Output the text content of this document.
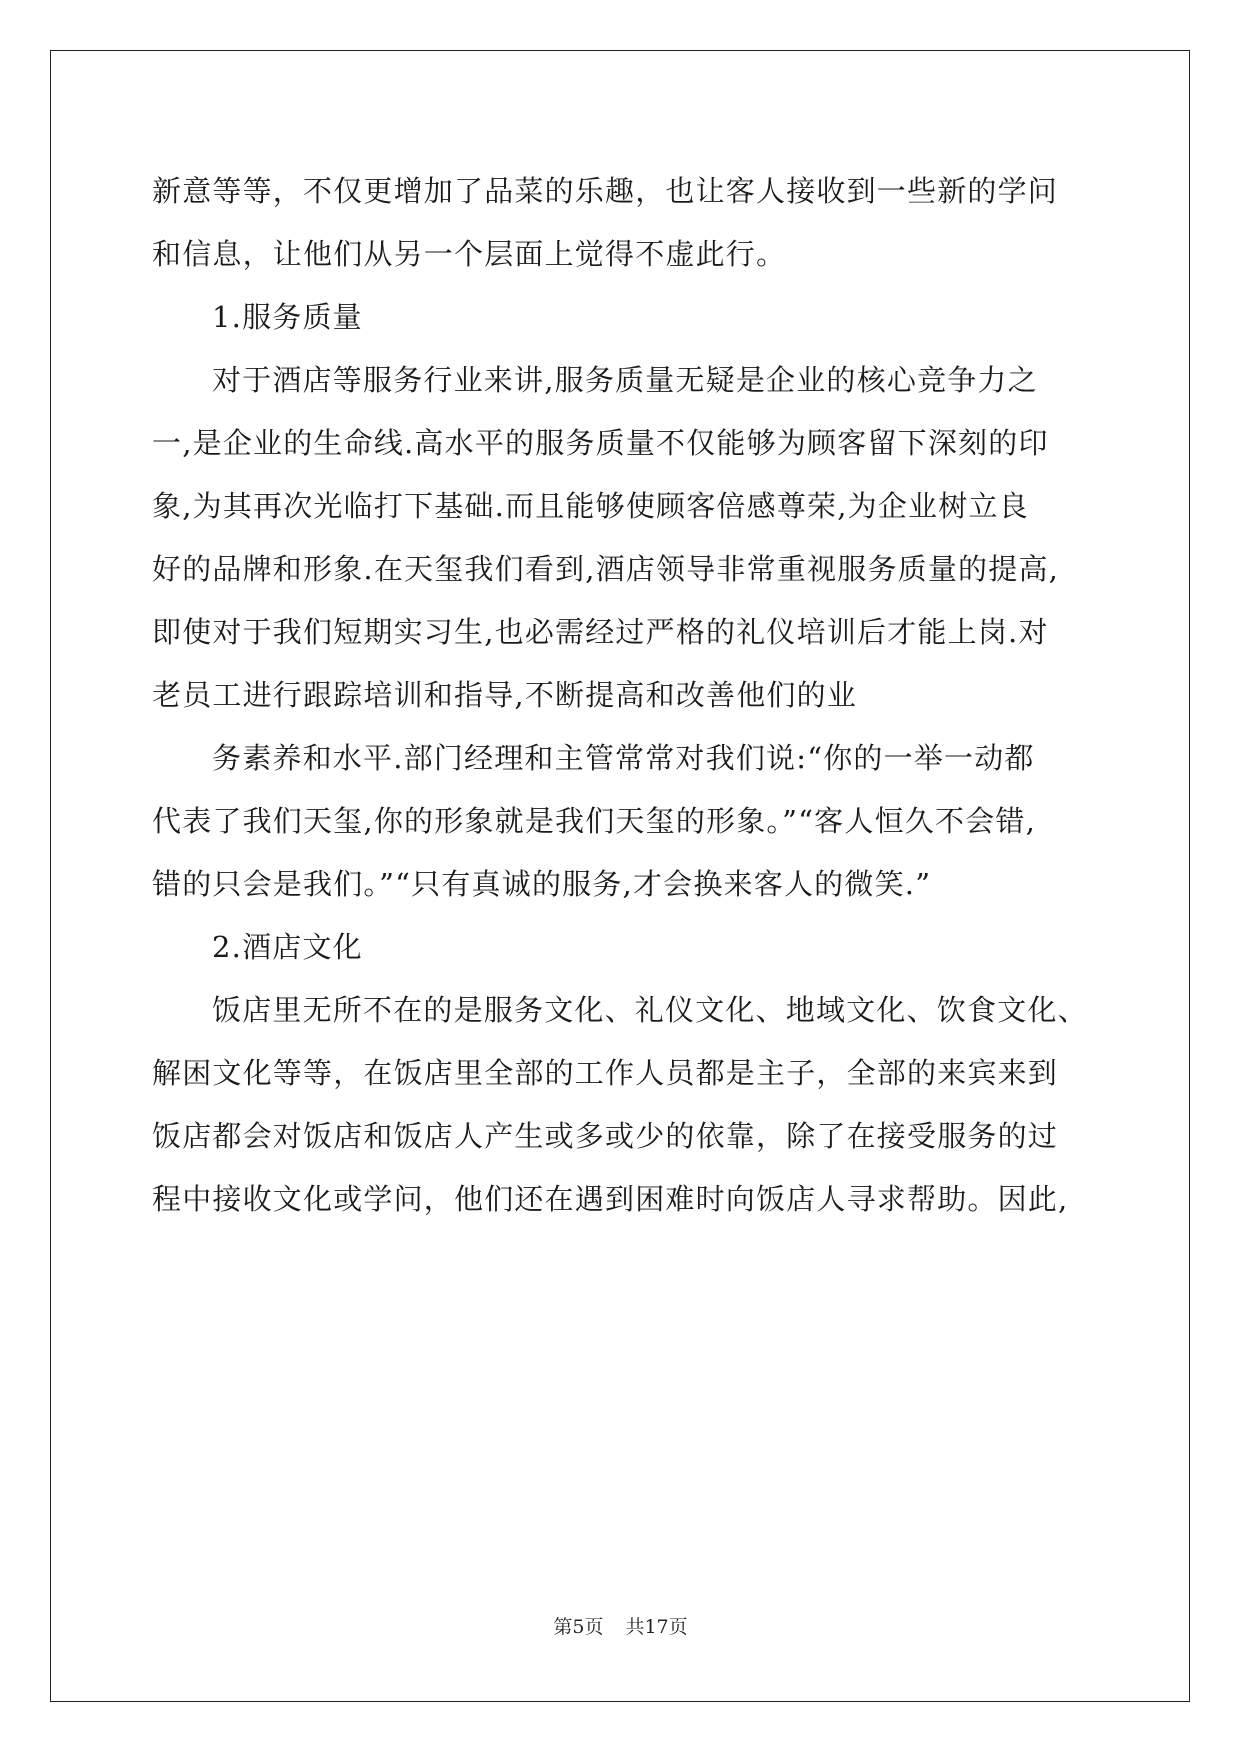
新意等等，不仅更增加了品菜的乐趣，也让客人接收到一些新的学问
和信息，让他们从另一个层面上觉得不虚此行。
1.服务质量
对于酒店等服务行业来讲,服务质量无疑是企业的核心竞争力之
一,是企业的生命线.高水平的服务质量不仅能够为顾客留下深刻的印
象,为其再次光临打下基础.而且能够使顾客倍感尊荣,为企业树立良
好的品牌和形象.在天玺我们看到,酒店领导非常重视服务质量的提高,
即使对于我们短期实习生,也必需经过严格的礼仪培训后才能上岗.对
老员工进行跟踪培训和指导,不断提高和改善他们的业
务素养和水平.部门经理和主管常常对我们说:“你的一举一动都
代表了我们天玺,你的形象就是我们天玺的形象。”“客人恒久不会错,
错的只会是我们。”“只有真诚的服务,才会换来客人的微笑.”
2.酒店文化
饭店里无所不在的是服务文化、礼仪文化、地域文化、饮食文化、
解困文化等等，在饭店里全部的工作人员都是主子，全部的来宾来到
饭店都会对饭店和饭店人产生或多或少的依靠，除了在接受服务的过
程中接收文化或学问，他们还在遇到困难时向饭店人寻求帮助。因此,
第5页 共17页
